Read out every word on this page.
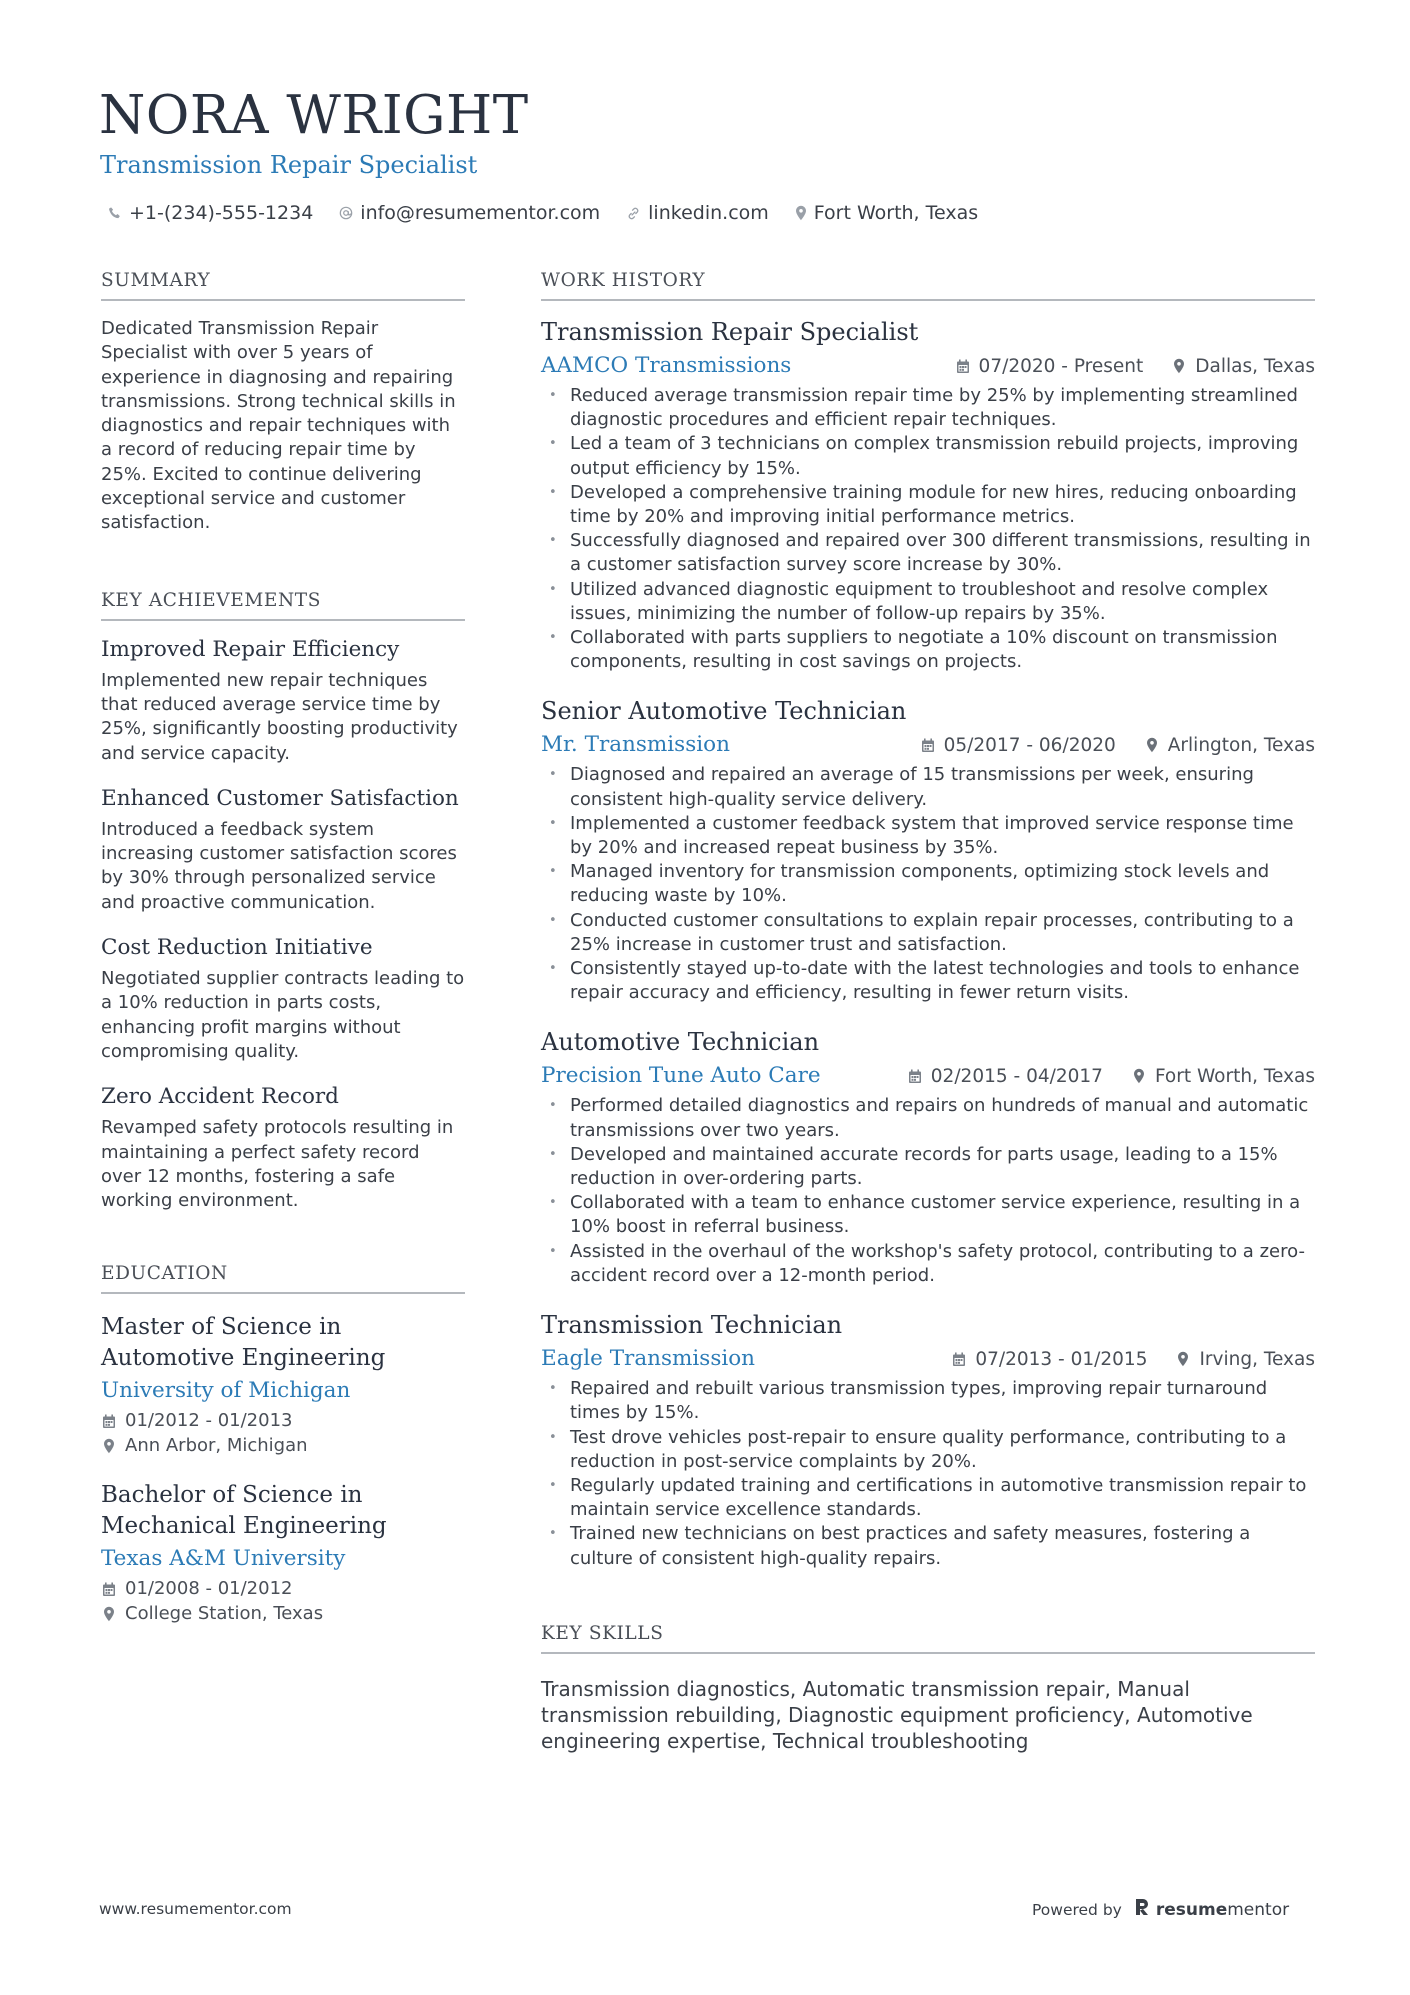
NORA WRIGHT
Transmission Repair Specialist
+1-(234)-555-1234 info@resumementor.com	linkedin.com Fort Worth, Texas
SUMMARY
Dedicated Transmission Repair Specialist with over 5 years of experience in diagnosing and repairing transmissions. Strong technical skills in diagnostics and repair techniques with a record of reducing repair time by 25%. Excited to continue delivering exceptional service and customer satisfaction.
KEY ACHIEVEMENTS
Improved Repair Efficiency
Implemented new repair techniques that reduced average service time by 25%, significantly boosting productivity and service capacity.
Enhanced Customer Satisfaction
Introduced a feedback system increasing customer satisfaction scores by 30% through personalized service and proactive communication.
Cost Reduction Initiative
Negotiated supplier contracts leading to a 10% reduction in parts costs, enhancing profit margins without compromising quality.
Zero Accident Record
Revamped safety protocols resulting in maintaining a perfect safety record over 12 months, fostering a safe working environment.
EDUCATION
Master of Science in Automotive Engineering
University of Michigan
01/2012 - 01/2013
Ann Arbor, Michigan
Bachelor of Science in Mechanical Engineering
Texas A&M University
01/2008 - 01/2012
College Station, Texas
WORK HISTORY
Transmission Repair Specialist
AAMCO Transmissions	07/2020 - Present	Dallas, Texas
• Reduced average transmission repair time by 25% by implementing streamlined diagnostic procedures and efficient repair techniques.
• Led a team of 3 technicians on complex transmission rebuild projects, improving output efficiency by 15%.
• Developed a comprehensive training module for new hires, reducing onboarding time by 20% and improving initial performance metrics.
• Successfully diagnosed and repaired over 300 different transmissions, resulting in a customer satisfaction survey score increase by 30%.
• Utilized advanced diagnostic equipment to troubleshoot and resolve complex issues, minimizing the number of follow-up repairs by 35%.
• Collaborated with parts suppliers to negotiate a 10% discount on transmission components, resulting in cost savings on projects.
Senior Automotive Technician
Mr. Transmission	05/2017 - 06/2020	Arlington, Texas
• Diagnosed and repaired an average of 15 transmissions per week, ensuring consistent high-quality service delivery.
• Implemented a customer feedback system that improved service response time by 20% and increased repeat business by 35%.
• Managed inventory for transmission components, optimizing stock levels and reducing waste by 10%.
• Conducted customer consultations to explain repair processes, contributing to a 25% increase in customer trust and satisfaction.
• Consistently stayed up-to-date with the latest technologies and tools to enhance repair accuracy and efficiency, resulting in fewer return visits.
Automotive Technician
Precision Tune Auto Care	02/2015 - 04/2017	Fort Worth, Texas
• Performed detailed diagnostics and repairs on hundreds of manual and automatic transmissions over two years.
• Developed and maintained accurate records for parts usage, leading to a 15% reduction in over-ordering parts.
• Collaborated with a team to enhance customer service experience, resulting in a 10% boost in referral business.
• Assisted in the overhaul of the workshop's safety protocol, contributing to a zero-accident record over a 12-month period.
Transmission Technician
Eagle Transmission	07/2013 - 01/2015	Irving, Texas
• Repaired and rebuilt various transmission types, improving repair turnaround times by 15%.
• Test drove vehicles post-repair to ensure quality performance, contributing to a reduction in post-service complaints by 20%.
• Regularly updated training and certifications in automotive transmission repair to maintain service excellence standards.
• Trained new technicians on best practices and safety measures, fostering a culture of consistent high-quality repairs.
KEY SKILLS
Transmission diagnostics, Automatic transmission repair, Manual transmission rebuilding, Diagnostic equipment proficiency, Automotive engineering expertise, Technical troubleshooting
www.resumementor.com	Powered by resume mentor
